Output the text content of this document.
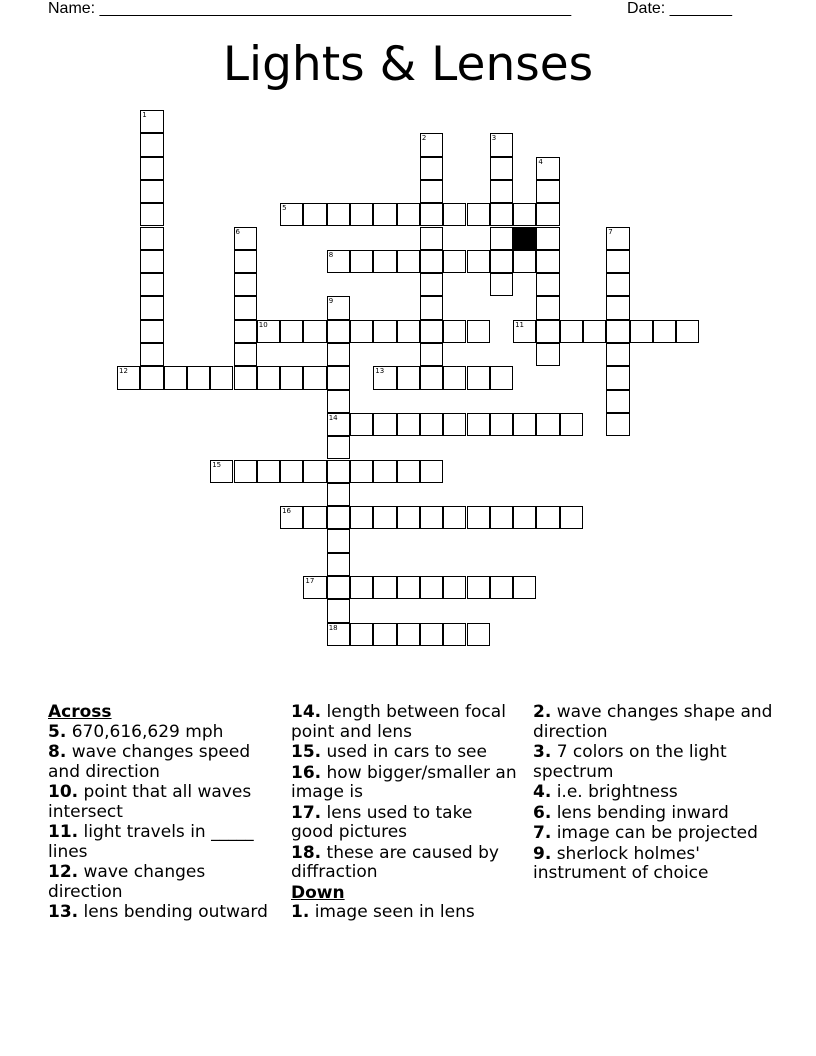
Name: _____________________________________________________	Date: _______
Lights & Lenses
1
2	3
4
5
6	7
8
9
14
18
10	11
12	13
15
16
17
Across
5. 670,616,629 mph
8. wave changes speed and direction
10. point that all waves intersect
11. light travels in _____ lines
12. wave changes direction
13. lens bending outward
14. length between focal point and lens
15. used in cars to see
16. how bigger/smaller an image is
17. lens used to take good pictures
18. these are caused by diffraction
Down
1. image seen in lens
2. wave changes shape and direction
3. 7 colors on the light spectrum
4. i.e. brightness
6. lens bending inward
7. image can be projected
9. sherlock holmes' instrument of choice
